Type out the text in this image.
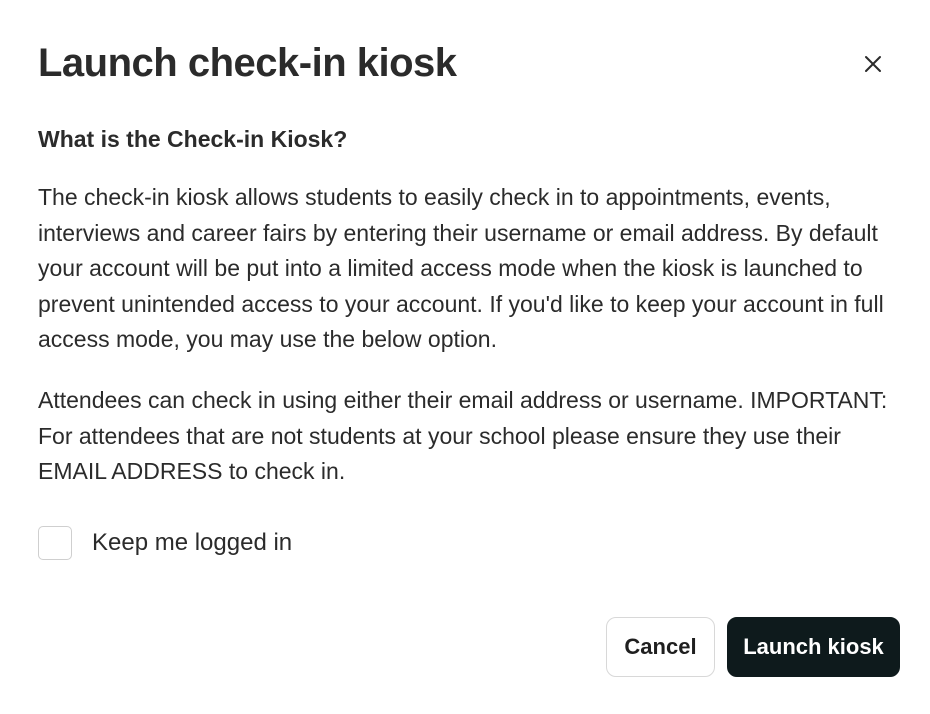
Launch check-in kiosk
What is the Check-in Kiosk?

The check-in kiosk allows students to easily check in to appointments, events, interviews and career fairs by entering their username or email address. By default your account will be put into a limited access mode when the kiosk is launched to prevent unintended access to your account. If you'd like to keep your account in full access mode, you may use the below option.

Attendees can check in using either their email address or username. IMPORTANT: For attendees that are not students at your school please ensure they use their EMAIL ADDRESS to check in.

Keep me logged in
Cancel	Launch kiosk
